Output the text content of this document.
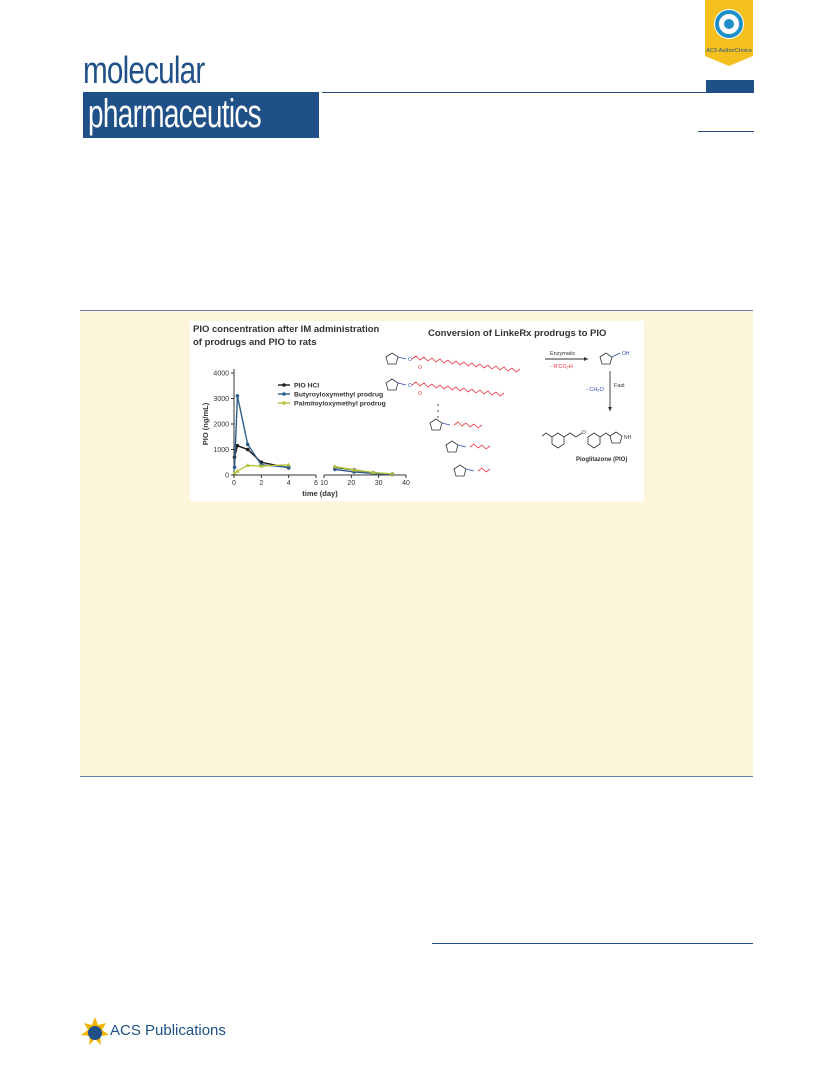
molecular
pharmaceutics
ACS AuthorChoice
PIO concentration after IM administration
of prodrugs and PIO to rats
0
1000
2000
3000
4000
0	2	4	6 10	20	30	40
PIO (ng/mL)
time (day)
PIO HCl
Butyroyloxymethyl prodrug
Palmitoyloxymethyl prodrug
Conversion of LinkeRx prodrugs to PIO
O
O
O
O
Enzymatic
- R'CO₂H
OH
- CH₂O
Fast
O
NH
Pioglitazone (PIO)
ACS Publications
